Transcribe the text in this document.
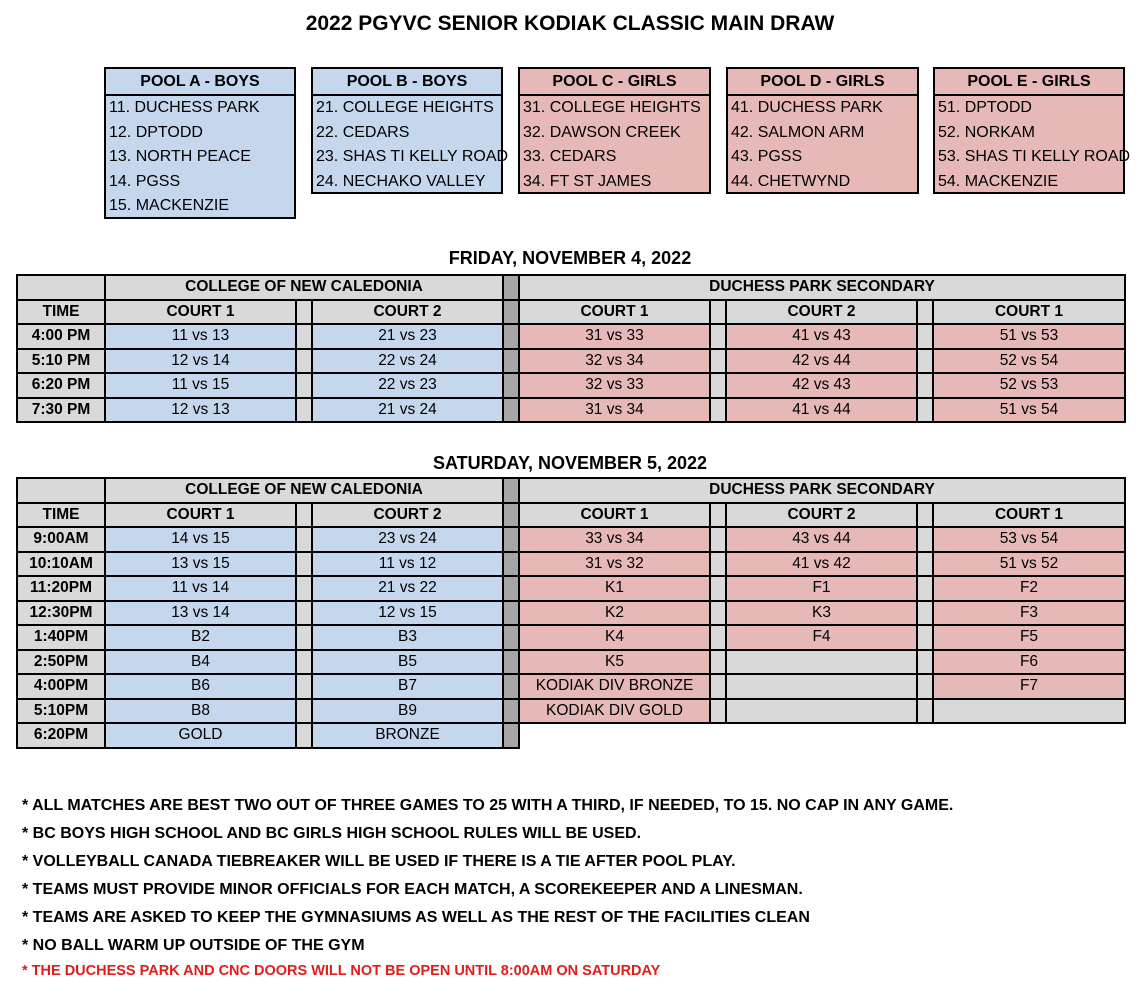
2022 PGYVC SENIOR KODIAK CLASSIC MAIN DRAW
POOL A - BOYS
11. DUCHESS PARK
12. DPTODD
13. NORTH PEACE
14. PGSS
15. MACKENZIE
POOL B - BOYS
21. COLLEGE HEIGHTS
22. CEDARS
23. SHAS TI KELLY ROAD
24. NECHAKO VALLEY
POOL C - GIRLS
31. COLLEGE HEIGHTS
32. DAWSON CREEK
33. CEDARS
34. FT ST JAMES
POOL D - GIRLS
41. DUCHESS PARK
42. SALMON ARM
43. PGSS
44. CHETWYND
POOL E - GIRLS
51. DPTODD
52. NORKAM
53. SHAS TI KELLY ROAD
54. MACKENZIE
FRIDAY, NOVEMBER 4, 2022
	COLLEGE OF NEW CALEDONIA				DUCHESS PARK SECONDARY				
TIME	COURT 1		COURT 2		COURT 1		COURT 2		COURT 1
4:00 PM	11 vs 13		21 vs 23		31 vs 33		41 vs 43		51 vs 53
5:10 PM	12 vs 14		22 vs 24		32 vs 34		42 vs 44		52 vs 54
6:20 PM	11 vs 15		22 vs 23		32 vs 33		42 vs 43		52 vs 53
7:30 PM	12 vs 13		21 vs 24		31 vs 34		41 vs 44		51 vs 54
SATURDAY, NOVEMBER 5, 2022
	COLLEGE OF NEW CALEDONIA				DUCHESS PARK SECONDARY				
TIME	COURT 1		COURT 2		COURT 1		COURT 2		COURT 1
9:00AM	14 vs 15		23 vs 24		33 vs 34		43 vs 44		53 vs 54
10:10AM	13 vs 15		11 vs 12		31 vs 32		41 vs 42		51 vs 52
11:20PM	11 vs 14		21 vs 22		K1		F1		F2
12:30PM	13 vs 14		12 vs 15		K2		K3		F3
1:40PM	B2		B3		K4		F4		F5
2:50PM	B4		B5		K5				F6
4:00PM	B6		B7		KODIAK DIV BRONZE				F7
5:10PM	B8		B9		KODIAK DIV GOLD				
6:20PM	GOLD		BRONZE						
* ALL MATCHES ARE BEST TWO OUT OF THREE GAMES TO 25 WITH A THIRD, IF NEEDED, TO 15. NO CAP IN ANY GAME.
* BC BOYS HIGH SCHOOL AND BC GIRLS HIGH SCHOOL RULES WILL BE USED.
* VOLLEYBALL CANADA TIEBREAKER WILL BE USED IF THERE IS A TIE AFTER POOL PLAY.
* TEAMS MUST PROVIDE MINOR OFFICIALS FOR EACH MATCH, A SCOREKEEPER AND A LINESMAN.
* TEAMS ARE ASKED TO KEEP THE GYMNASIUMS AS WELL AS THE REST OF THE FACILITIES CLEAN
* NO BALL WARM UP OUTSIDE OF THE GYM
* THE DUCHESS PARK AND CNC DOORS WILL NOT BE OPEN UNTIL 8:00AM ON SATURDAY
